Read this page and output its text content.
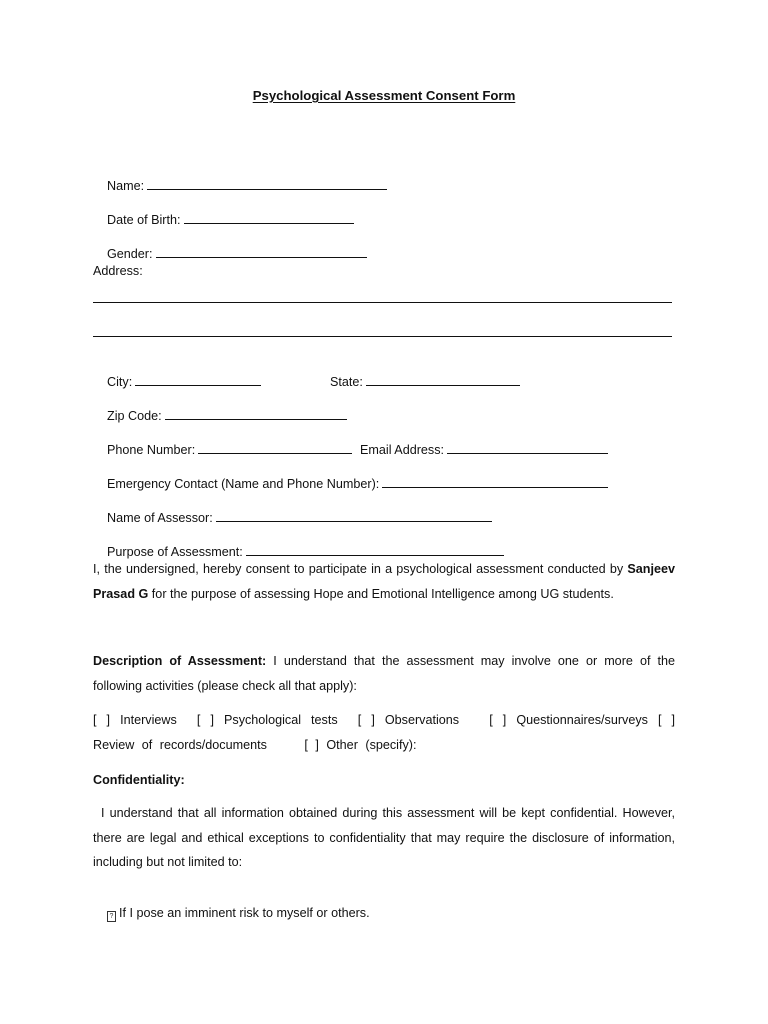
Psychological Assessment Consent Form

Name:

Date of Birth:

Gender:

Address:

City:
	State:

Zip Code:

Phone Number:
	Email Address:

Emergency Contact (Name and Phone Number):

Name of Assessor:

Purpose of Assessment:

I, the undersigned, hereby consent to participate in a psychological assessment conducted by Sanjeev Prasad G for the purpose of assessing Hope and Emotional Intelligence among UG students.
Description of Assessment: I understand that the assessment may involve one or more of the following activities (please check all that apply):
[ ] Interviews [ ] Psychological tests [ ] Observations [ ] Questionnaires/surveys [ ] Review of records/documents	[ ] Other (specify):
Confidentiality:
I understand that all information obtained during this assessment will be kept confidential. However, there are legal and ethical exceptions to confidentiality that may require the disclosure of information, including but not limited to:

? If I pose an imminent risk to myself or others.
